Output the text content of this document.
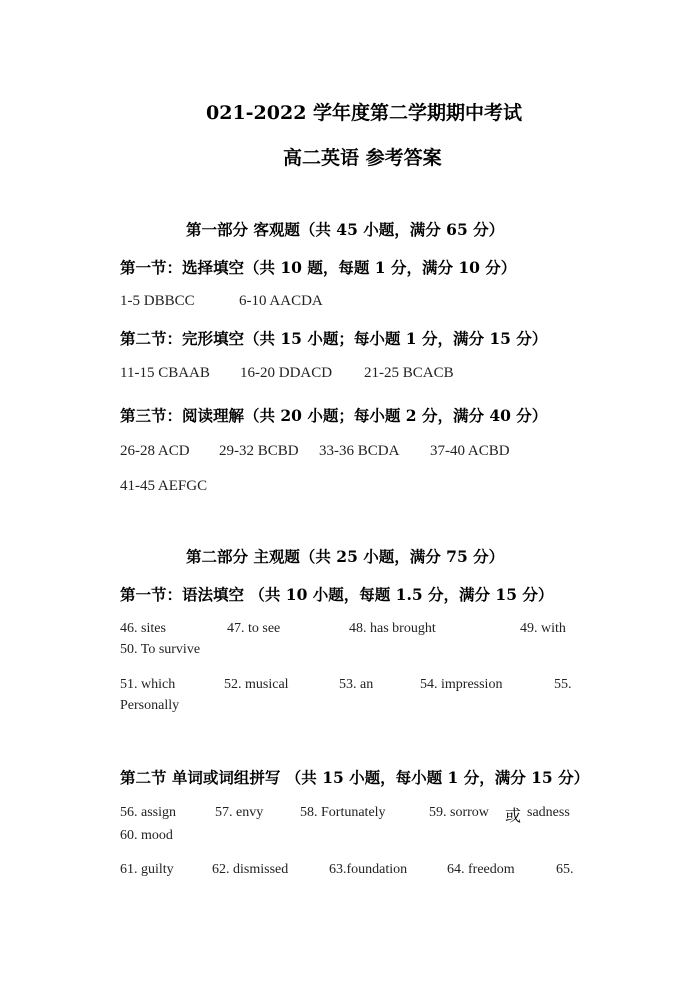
021-2022 学年度第二学期期中考试
高二英语 参考答案
第一部分 客观题（共 45 小题，满分 65 分）
第一节：选择填空（共 10 题，每题 1 分，满分 10 分）
1-5 DBBCC	6-10 AACDA
第二节：完形填空（共 15 小题；每小题 1 分，满分 15 分）
11-15 CBAAB 16-20 DDACD 21-25 BCACB
第三节：阅读理解（共 20 小题；每小题 2 分，满分 40 分）
26-28 ACD 29-32 BCBD 33-36 BCDA 37-40 ACBD
41-45 AEFGC
第二部分 主观题（共 25 小题，满分 75 分）
第一节：语法填空 （共 10 小题，每题 1.5 分，满分 15 分）
46. sites	47. to see	48. has brought	49. with
50. To survive
51. which	52. musical	53. an	54. impression	55.
Personally
第二节 单词或词组拼写 （共 15 小题，每小题 1 分，满分 15 分）
56. assign	57. envy	58. Fortunately	59. sorrow 或 sadness
60. mood
61. guilty	62. dismissed	63.foundation	64. freedom	65.
